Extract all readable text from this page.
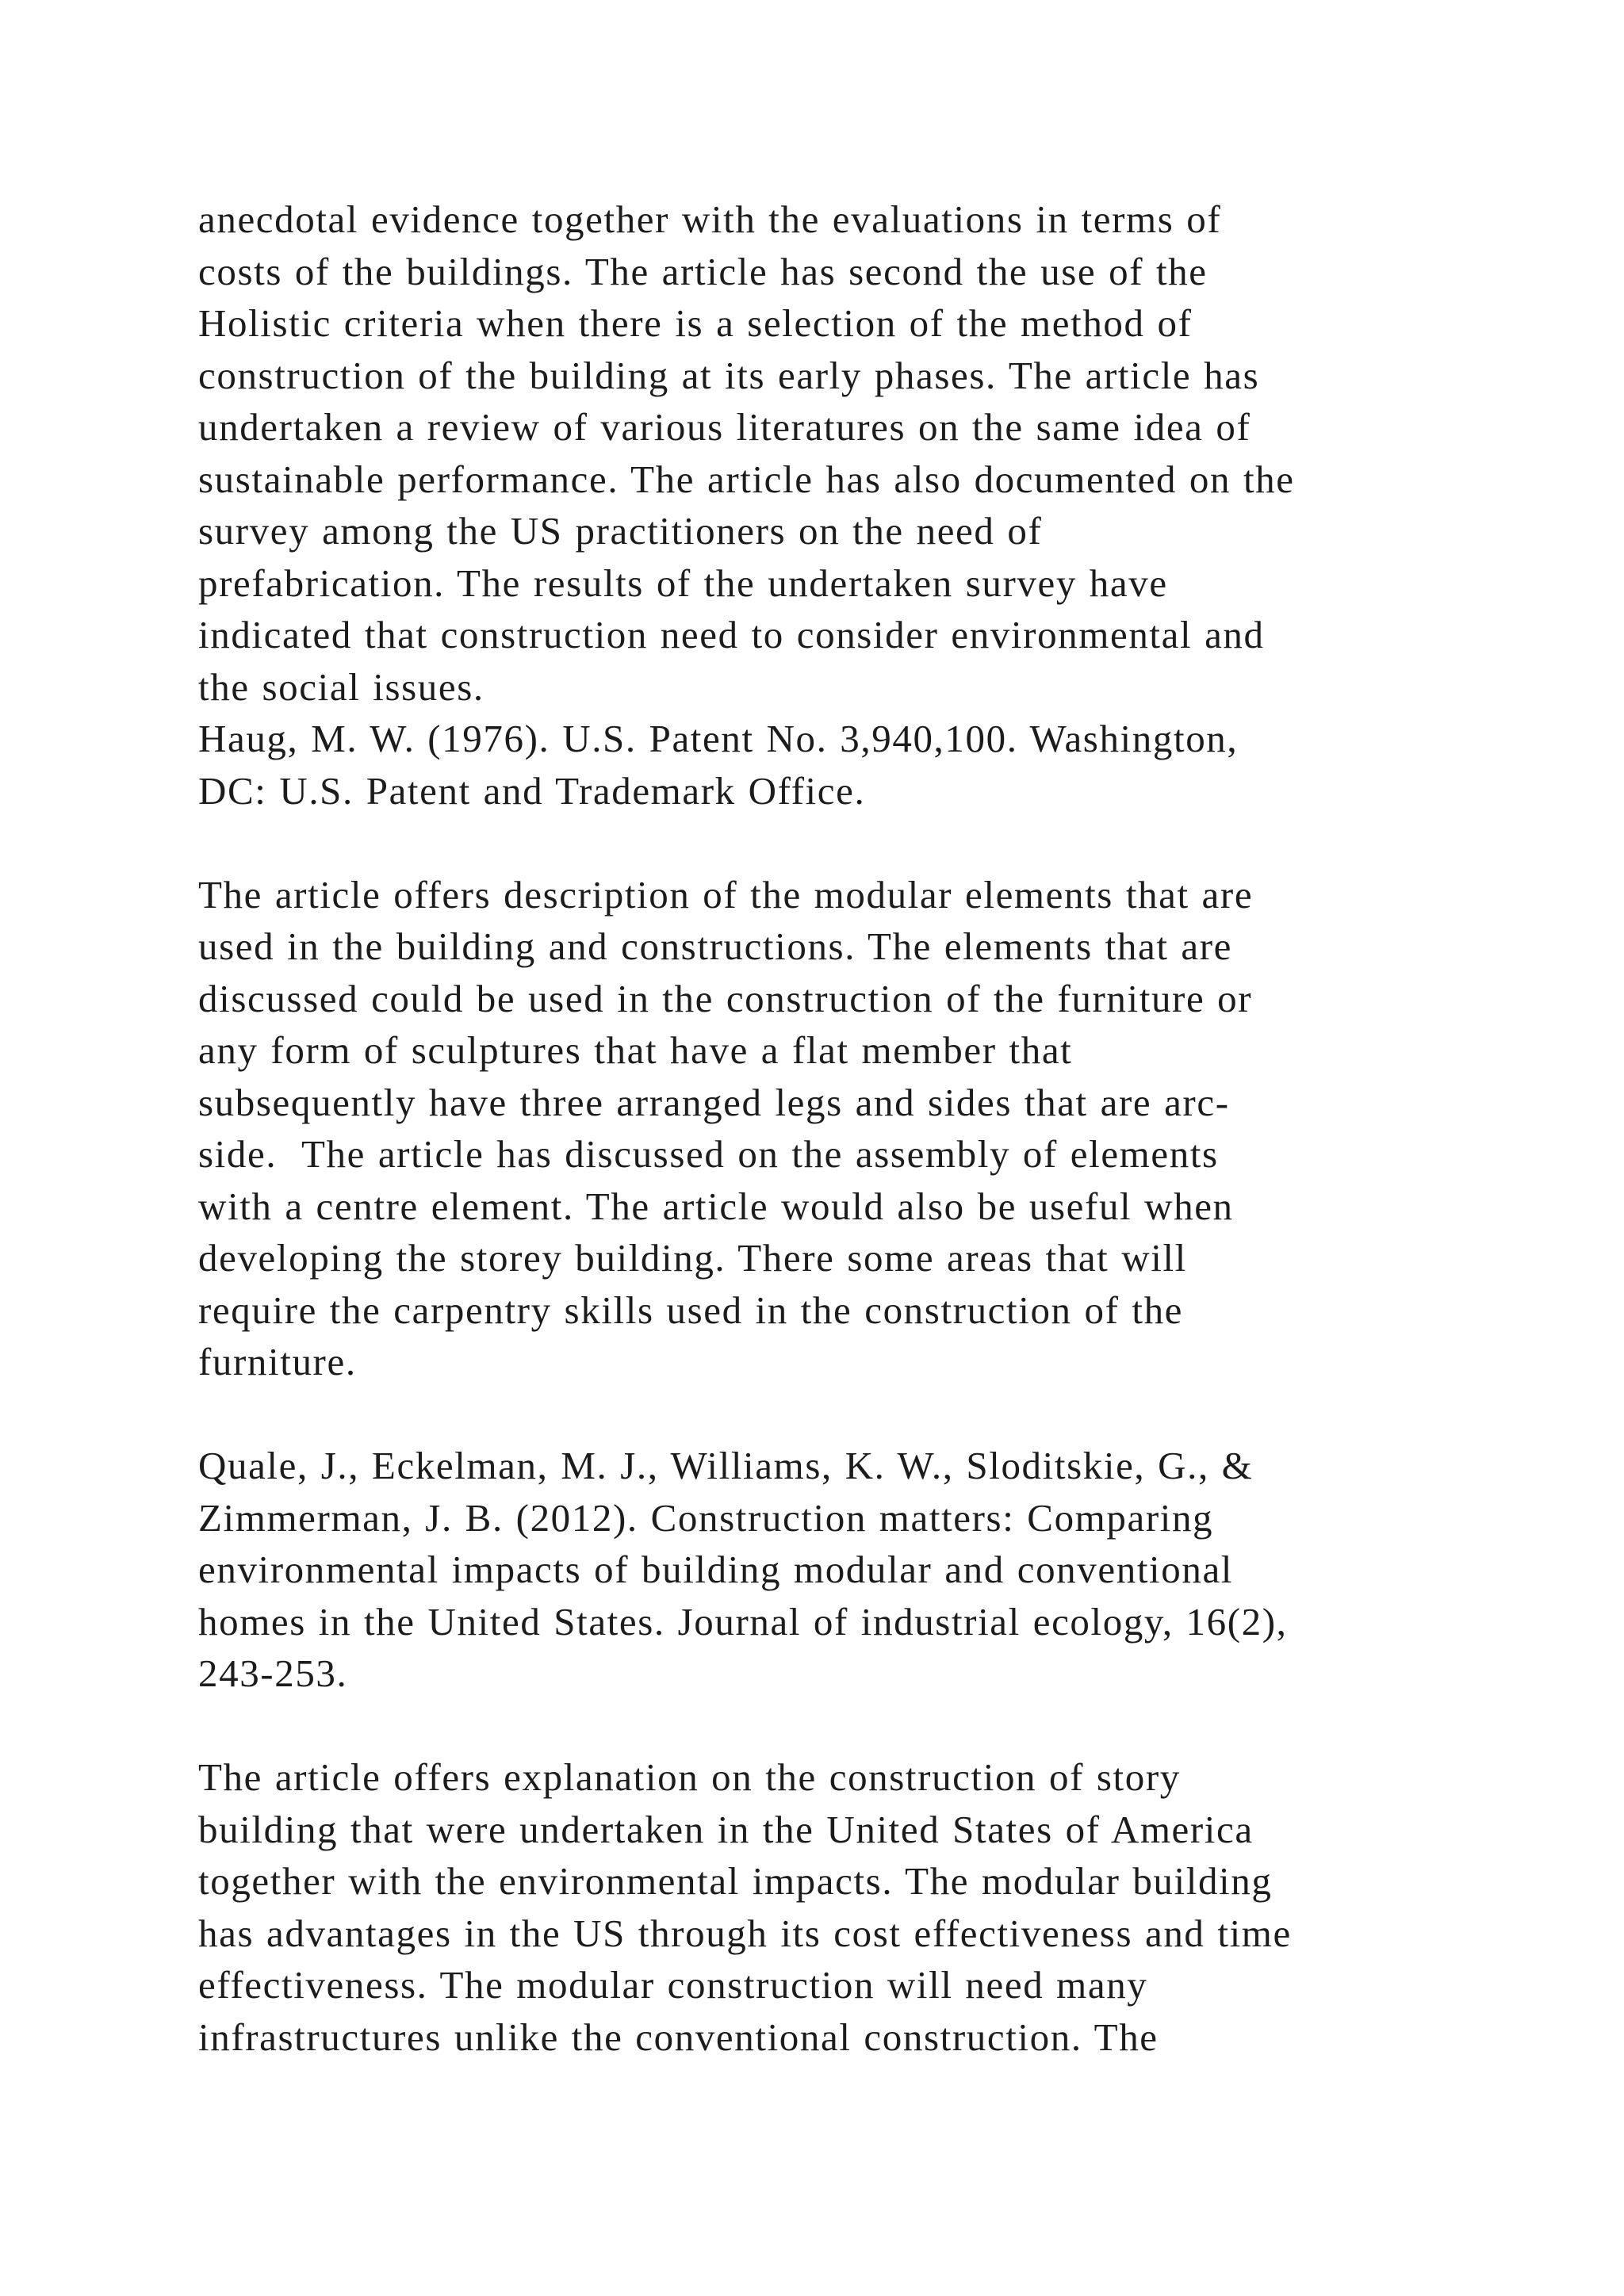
anecdotal evidence together with the evaluations in terms of
costs of the buildings. The article has second the use of the
Holistic criteria when there is a selection of the method of
construction of the building at its early phases. The article has
undertaken a review of various literatures on the same idea of
sustainable performance. The article has also documented on the
survey among the US practitioners on the need of
prefabrication. The results of the undertaken survey have
indicated that construction need to consider environmental and
the social issues.
Haug, M. W. (1976). U.S. Patent No. 3,940,100. Washington,
DC: U.S. Patent and Trademark Office.
The article offers description of the modular elements that are
used in the building and constructions. The elements that are
discussed could be used in the construction of the furniture or
any form of sculptures that have a flat member that
subsequently have three arranged legs and sides that are arc-
side.  The article has discussed on the assembly of elements
with a centre element. The article would also be useful when
developing the storey building. There some areas that will
require the carpentry skills used in the construction of the
furniture.
Quale, J., Eckelman, M. J., Williams, K. W., Sloditskie, G., &
Zimmerman, J. B. (2012). Construction matters: Comparing
environmental impacts of building modular and conventional
homes in the United States. Journal of industrial ecology, 16(2),
243-253.
The article offers explanation on the construction of story
building that were undertaken in the United States of America
together with the environmental impacts. The modular building
has advantages in the US through its cost effectiveness and time
effectiveness. The modular construction will need many
infrastructures unlike the conventional construction. The
